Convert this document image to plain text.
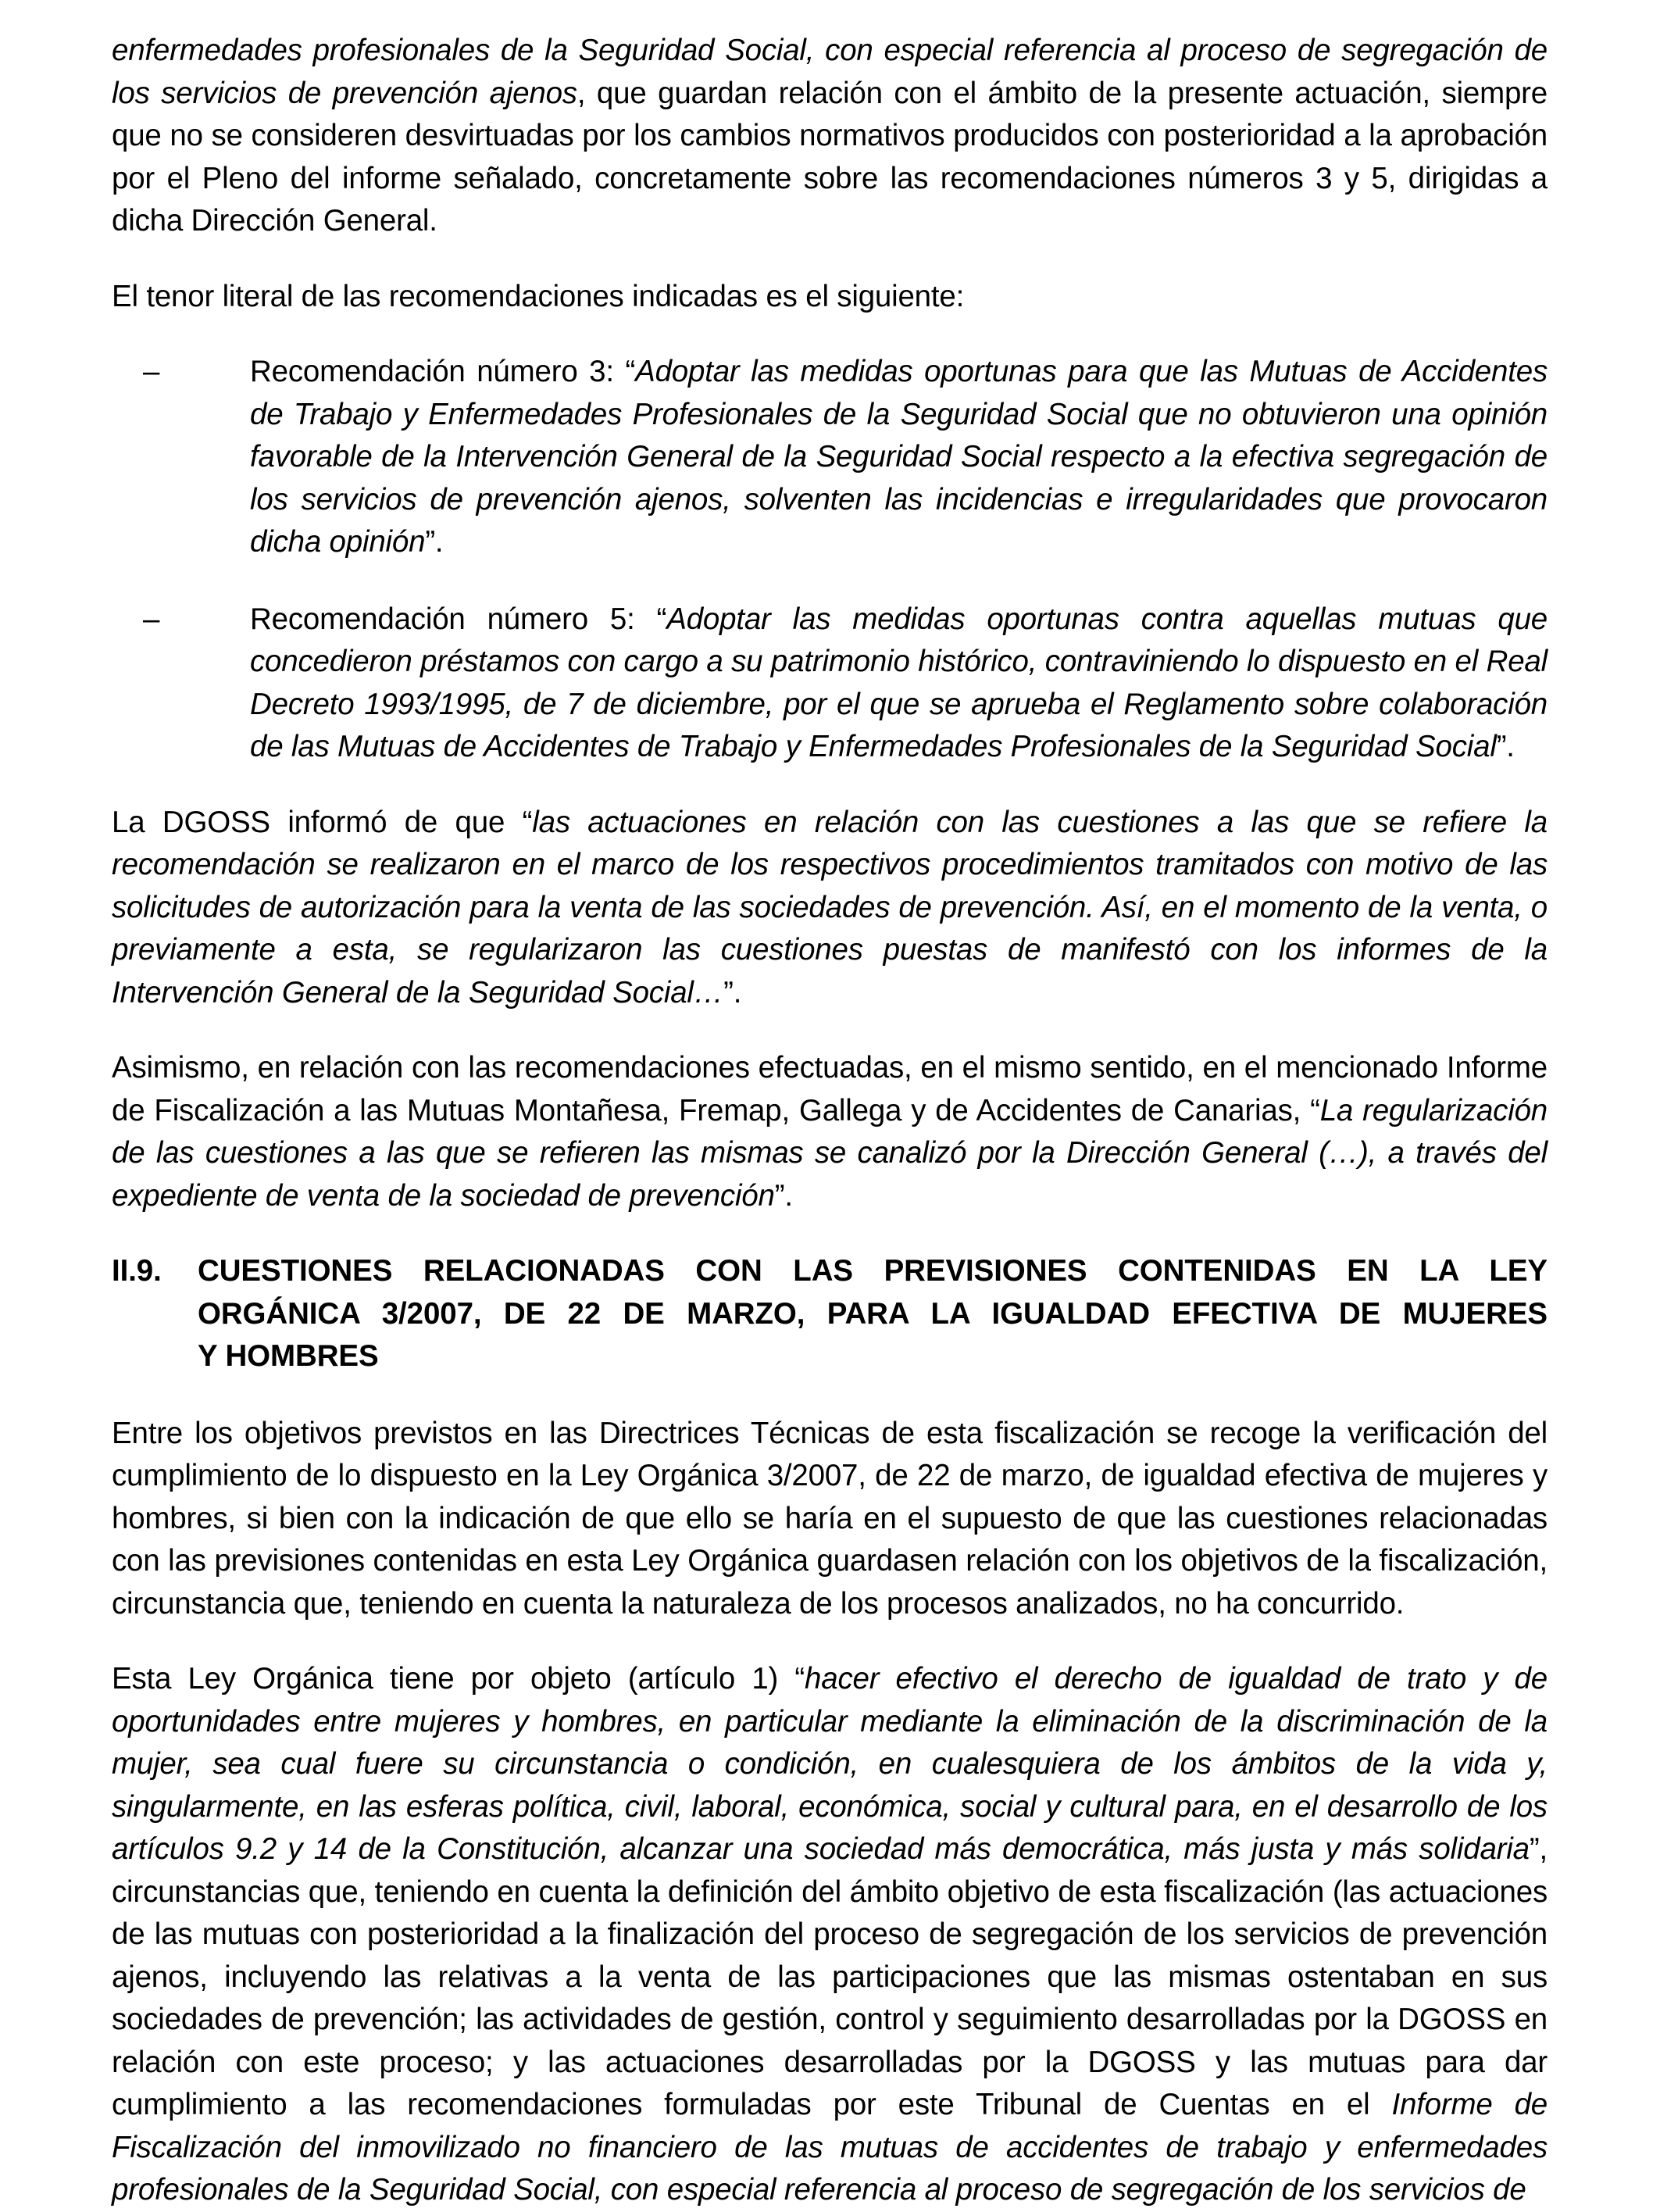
enfermedades profesionales de la Seguridad Social, con especial referencia al proceso de segregación de los servicios de prevención ajenos, que guardan relación con el ámbito de la presente actuación, siempre que no se consideren desvirtuadas por los cambios normativos producidos con posterioridad a la aprobación por el Pleno del informe señalado, concretamente sobre las recomendaciones números 3 y 5, dirigidas a dicha Dirección General.

El tenor literal de las recomendaciones indicadas es el siguiente:

–	Recomendación número 3: “Adoptar las medidas oportunas para que las Mutuas de Accidentes de Trabajo y Enfermedades Profesionales de la Seguridad Social que no obtuvieron una opinión favorable de la Intervención General de la Seguridad Social respecto a la efectiva segregación de los servicios de prevención ajenos, solventen las incidencias e irregularidades que provocaron dicha opinión”.
–	Recomendación número 5: “Adoptar las medidas oportunas contra aquellas mutuas que concedieron préstamos con cargo a su patrimonio histórico, contraviniendo lo dispuesto en el Real Decreto 1993/1995, de 7 de diciembre, por el que se aprueba el Reglamento sobre colaboración de las Mutuas de Accidentes de Trabajo y Enfermedades Profesionales de la Seguridad Social”.

La DGOSS informó de que “las actuaciones en relación con las cuestiones a las que se refiere la recomendación se realizaron en el marco de los respectivos procedimientos tramitados con motivo de las solicitudes de autorización para la venta de las sociedades de prevención. Así, en el momento de la venta, o previamente a esta, se regularizaron las cuestiones puestas de manifestó con los informes de la Intervención General de la Seguridad Social…”.

Asimismo, en relación con las recomendaciones efectuadas, en el mismo sentido, en el mencionado Informe de Fiscalización a las Mutuas Montañesa, Fremap, Gallega y de Accidentes de Canarias, “La regularización de las cuestiones a las que se refieren las mismas se canalizó por la Dirección General (…), a través del expediente de venta de la sociedad de prevención”.

II.9.	CUESTIONES RELACIONADAS CON LAS PREVISIONES CONTENIDAS EN LA LEY
ORGÁNICA 3/2007, DE 22 DE MARZO, PARA LA IGUALDAD EFECTIVA DE MUJERES
Y HOMBRES

Entre los objetivos previstos en las Directrices Técnicas de esta fiscalización se recoge la verificación del cumplimiento de lo dispuesto en la Ley Orgánica 3/2007, de 22 de marzo, de igualdad efectiva de mujeres y hombres, si bien con la indicación de que ello se haría en el supuesto de que las cuestiones relacionadas con las previsiones contenidas en esta Ley Orgánica guardasen relación con los objetivos de la fiscalización, circunstancia que, teniendo en cuenta la naturaleza de los procesos analizados, no ha concurrido.

Esta Ley Orgánica tiene por objeto (artículo 1) “hacer efectivo el derecho de igualdad de trato y de oportunidades entre mujeres y hombres, en particular mediante la eliminación de la discriminación de la mujer, sea cual fuere su circunstancia o condición, en cualesquiera de los ámbitos de la vida y, singularmente, en las esferas política, civil, laboral, económica, social y cultural para, en el desarrollo de los artículos 9.2 y 14 de la Constitución, alcanzar una sociedad más democrática, más justa y más solidaria”, circunstancias que, teniendo en cuenta la definición del ámbito objetivo de esta fiscalización (las actuaciones de las mutuas con posterioridad a la finalización del proceso de segregación de los servicios de prevención ajenos, incluyendo las relativas a la venta de las participaciones que las mismas ostentaban en sus sociedades de prevención; las actividades de gestión, control y seguimiento desarrolladas por la DGOSS en relación con este proceso; y las actuaciones desarrolladas por la DGOSS y las mutuas para dar cumplimiento a las recomendaciones formuladas por este Tribunal de Cuentas en el Informe de Fiscalización del inmovilizado no financiero de las mutuas de accidentes de trabajo y enfermedades profesionales de la Seguridad Social, con especial referencia al proceso de segregación de los servicios de
